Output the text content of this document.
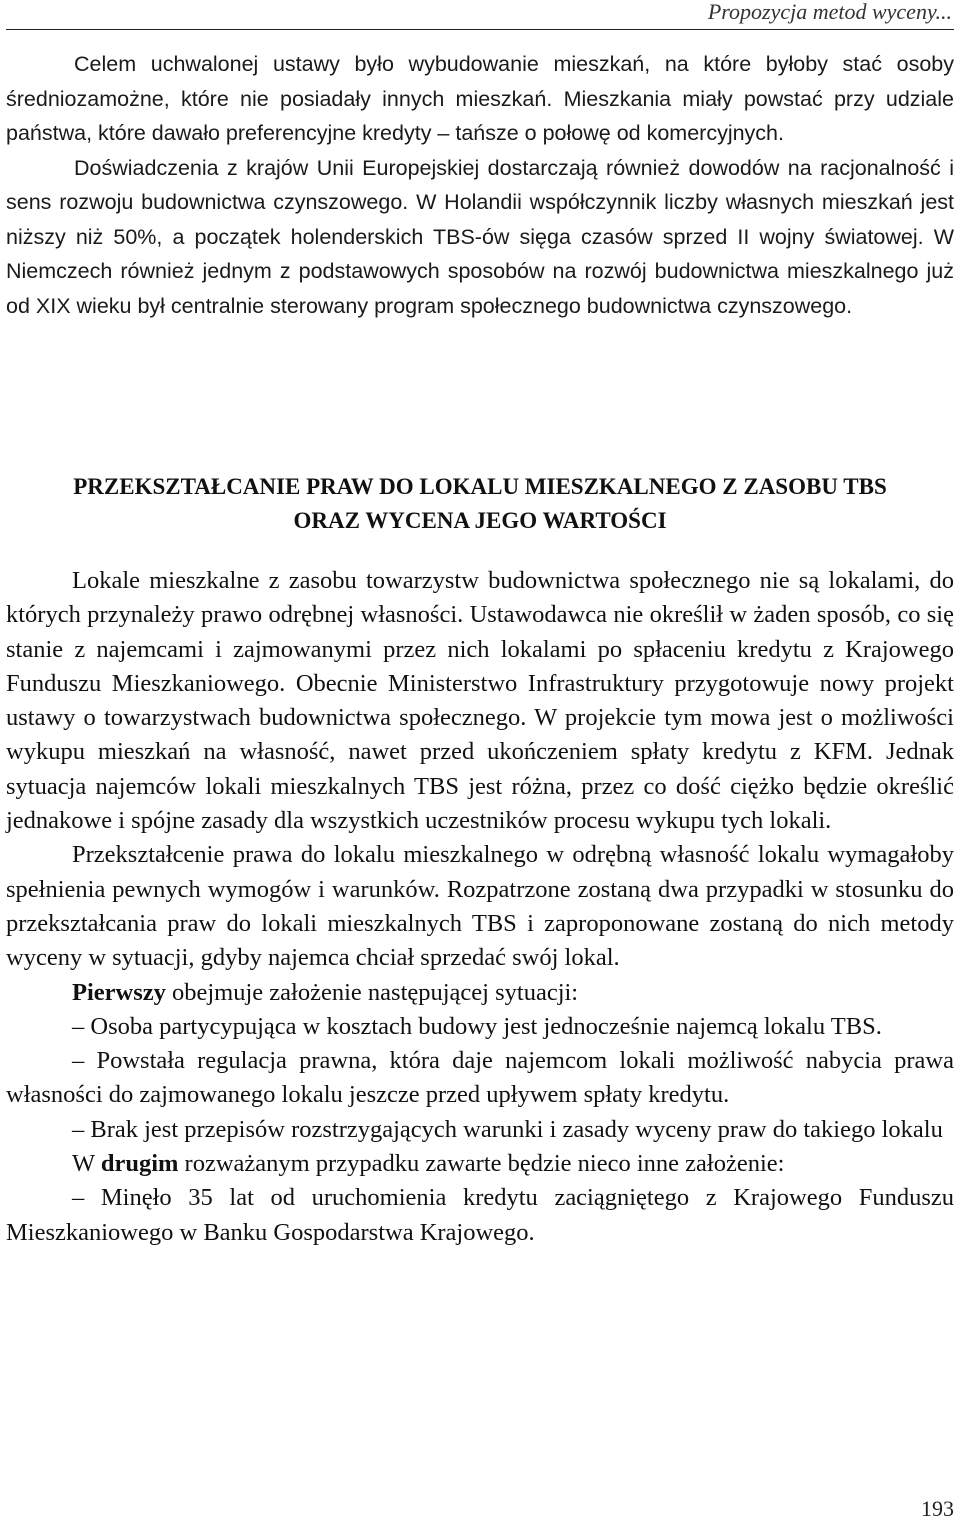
Propozycja metod wyceny...

Celem uchwalonej ustawy było wybudowanie mieszkań, na które byłoby stać osoby średniozamożne, które nie posiadały innych mieszkań. Mieszkania miały powstać przy udziale państwa, które dawało preferencyjne kredyty – tańsze o połowę od komercyjnych.

Doświadczenia z krajów Unii Europejskiej dostarczają również dowodów na racjonalność i sens rozwoju budownictwa czynszowego. W Holandii współczynnik liczby własnych mieszkań jest niższy niż 50%, a początek holenderskich TBS-ów sięga czasów sprzed II wojny światowej. W Niemczech również jednym z podstawowych sposobów na rozwój budownictwa mieszkalnego już od XIX wieku był centralnie sterowany program społecznego budownictwa czynszowego.

PRZEKSZTAŁCANIE PRAW DO LOKALU MIESZKALNEGO Z ZASOBU TBS
ORAZ WYCENA JEGO WARTOŚCI

Lokale mieszkalne z zasobu towarzystw budownictwa społecznego nie są lokalami, do których przynależy prawo odrębnej własności. Ustawodawca nie określił w żaden sposób, co się stanie z najemcami i zajmowanymi przez nich lokalami po spłaceniu kredytu z Krajowego Funduszu Mieszkaniowego. Obecnie Ministerstwo Infrastruktury przygotowuje nowy projekt ustawy o towarzystwach budownictwa społecznego. W projekcie tym mowa jest o możliwości wykupu mieszkań na własność, nawet przed ukończeniem spłaty kredytu z KFM. Jednak sytuacja najemców lokali mieszkalnych TBS jest różna, przez co dość ciężko będzie określić jednakowe i spójne zasady dla wszystkich uczestników procesu wykupu tych lokali.

Przekształcenie prawa do lokalu mieszkalnego w odrębną własność lokalu wymagałoby spełnienia pewnych wymogów i warunków. Rozpatrzone zostaną dwa przypadki w stosunku do przekształcania praw do lokali mieszkalnych TBS i zaproponowane zostaną do nich metody wyceny w sytuacji, gdyby najemca chciał sprzedać swój lokal.

Pierwszy obejmuje założenie następującej sytuacji:

– Osoba partycypująca w kosztach budowy jest jednocześnie najemcą lokalu TBS.

– Powstała regulacja prawna, która daje najemcom lokali możliwość nabycia prawa własności do zajmowanego lokalu jeszcze przed upływem spłaty kredytu.

– Brak jest przepisów rozstrzygających warunki i zasady wyceny praw do takiego lokalu

W drugim rozważanym przypadku zawarte będzie nieco inne założenie:

– Minęło 35 lat od uruchomienia kredytu zaciągniętego z Krajowego Funduszu Mieszkaniowego w Banku Gospodarstwa Krajowego.

193
